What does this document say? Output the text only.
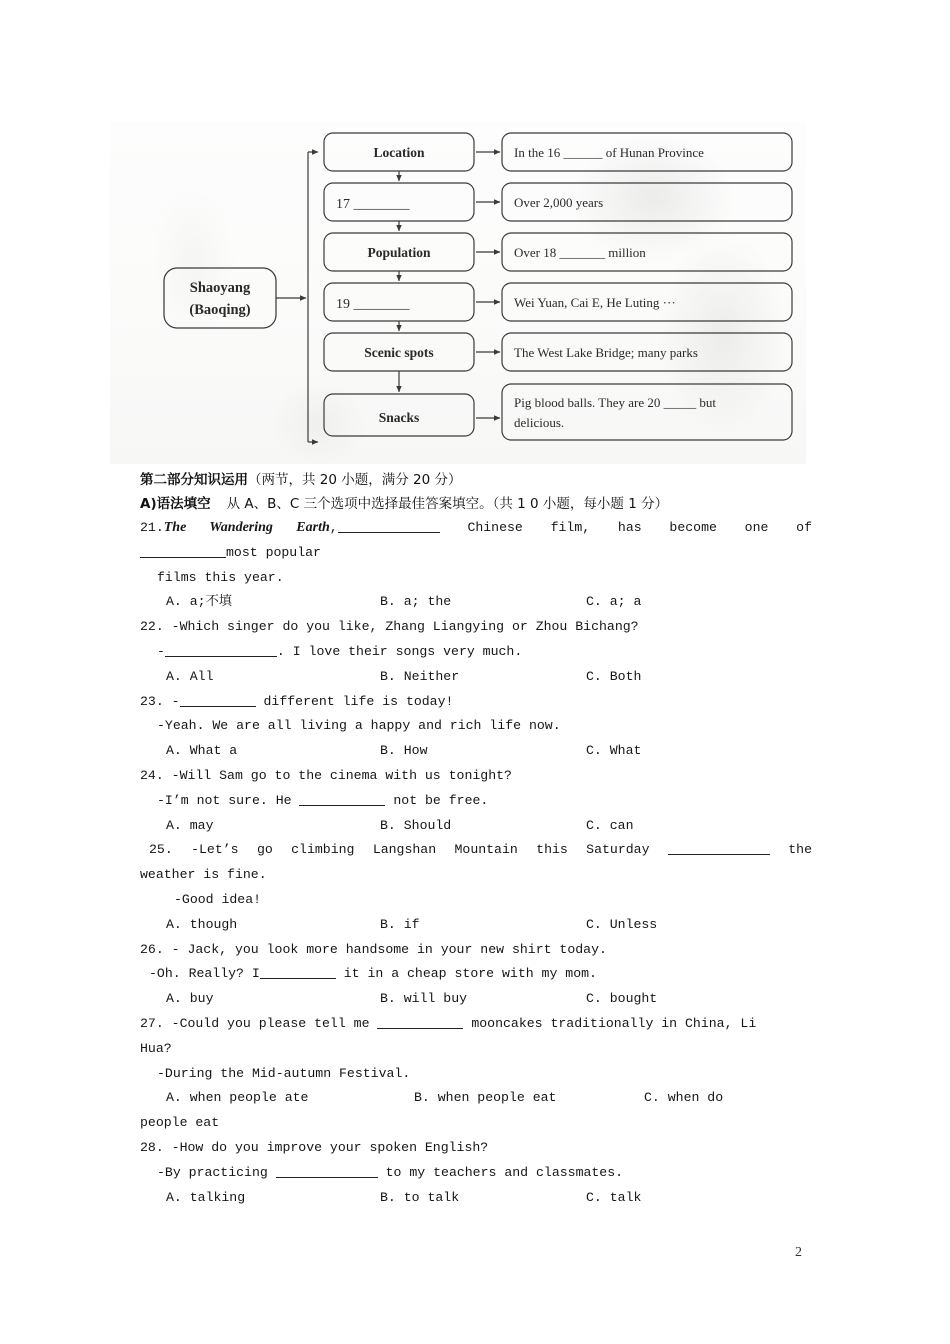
Shaoyang
(Baoqing)
Location	In the 16 ______ of Hunan Province
17 ________	Over 2,000 years
Population	Over 18 _______ million
19 ________	Wei Yuan, Cai E, He Luting ···
Scenic spots	The West Lake Bridge; many parks
Snacks
Pig blood balls. They are 20 _____ but
delicious.
第二部分知识运用（两节，共 20 小题，满分 20 分）
A)语法填空 从 A、B、C 三个选项中选择最佳答案填空。（共 1 0 小题，每小题 1 分）
21.The Wandering Earth,	Chinese film, has become one of
most popular
films this year.
A. a;不填	B. a; the	C. a; a
22. -Which singer do you like, Zhang Liangying or Zhou Bichang?
-	. I love their songs very much.
A. All	B. Neither	C. Both
23. -	different life is today!
-Yeah. We are all living a happy and rich life now.
A. What a	B. How	C. What
24. -Will Sam go to the cinema with us tonight?
-I’m not sure. He	not be free.
A. may	B. Should	C. can
25. -Let’s go climbing Langshan Mountain this Saturday	the
weather is fine.
-Good idea!
A. though	B. if	C. Unless
26. - Jack, you look more handsome in your new shirt today.
-Oh. Really? I	it in a cheap store with my mom.
A. buy	B. will buy	C. bought
27. -Could you please tell me	mooncakes traditionally in China, Li
Hua?
-During the Mid-autumn Festival.
A. when people ate	B. when people eat	C. when do
people eat
28. -How do you improve your spoken English?
-By practicing	to my teachers and classmates.
A. talking	B. to talk	C. talk
2
